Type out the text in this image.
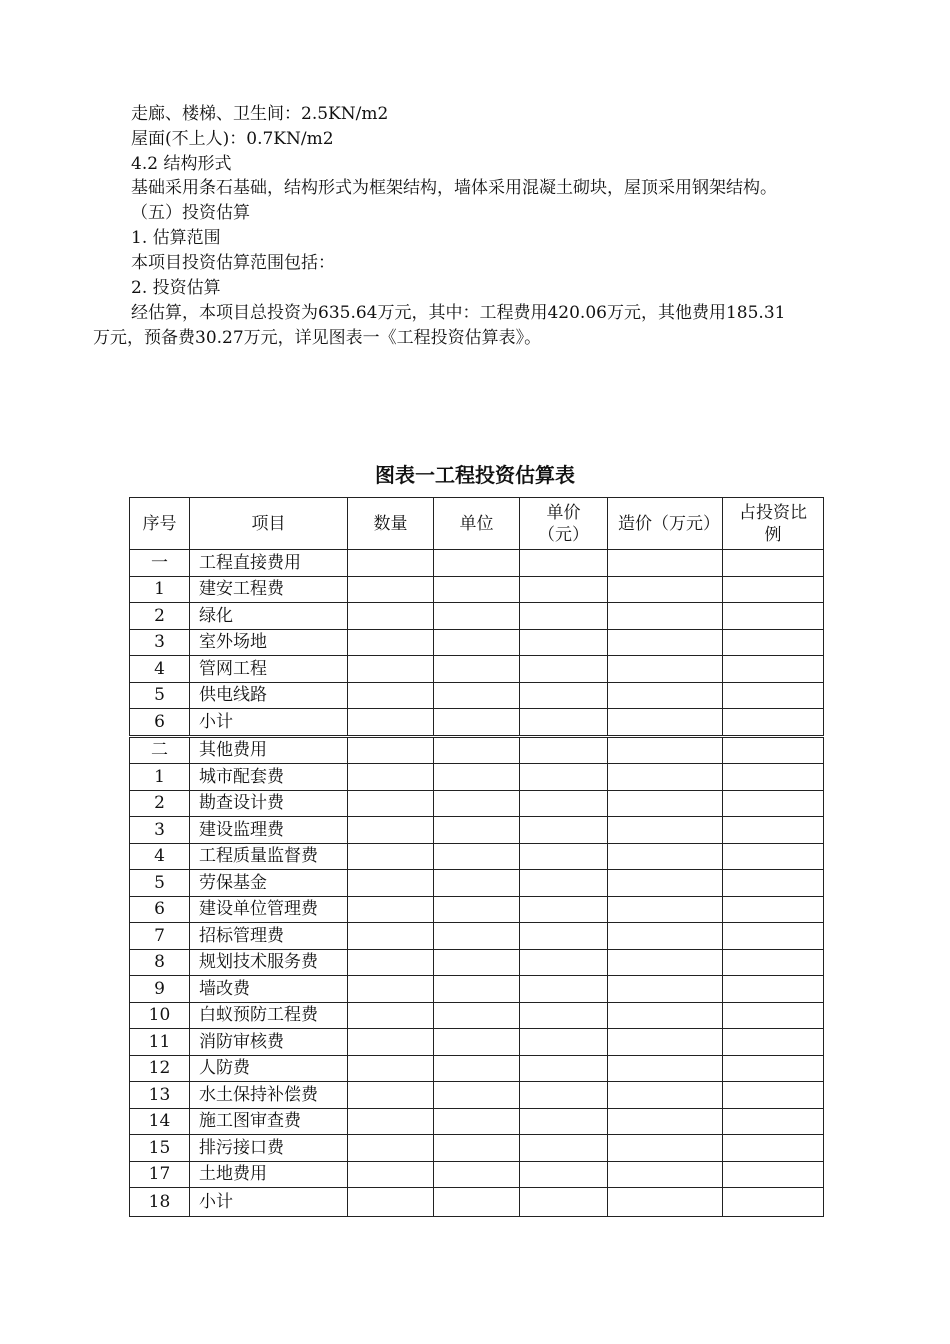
走廊、楼梯、卫生间：2.5KN/m2
屋面(不上人)：0.7KN/m2
4.2 结构形式
基础采用条石基础，结构形式为框架结构，墙体采用混凝土砌块，屋顶采用钢架结构。
（五）投资估算
1. 估算范围
本项目投资估算范围包括：
2. 投资估算
经估算，本项目总投资为635.64万元，其中：工程费用420.06万元，其他费用185.31
万元，预备费30.27万元，详见图表一《工程投资估算表》。
图表一工程投资估算表
序号	项目	数量	单位	单价（元）	造价（万元）	占投资比例
一	工程直接费用					
1	建安工程费					
2	绿化					
3	室外场地					
4	管网工程					
5	供电线路					
6	小计					
二	其他费用					
1	城市配套费					
2	勘查设计费					
3	建设监理费					
4	工程质量监督费					
5	劳保基金					
6	建设单位管理费					
7	招标管理费					
8	规划技术服务费					
9	墙改费					
10	白蚁预防工程费					
11	消防审核费					
12	人防费					
13	水土保持补偿费					
14	施工图审查费					
15	排污接口费					
17	土地费用					
18	小计					
